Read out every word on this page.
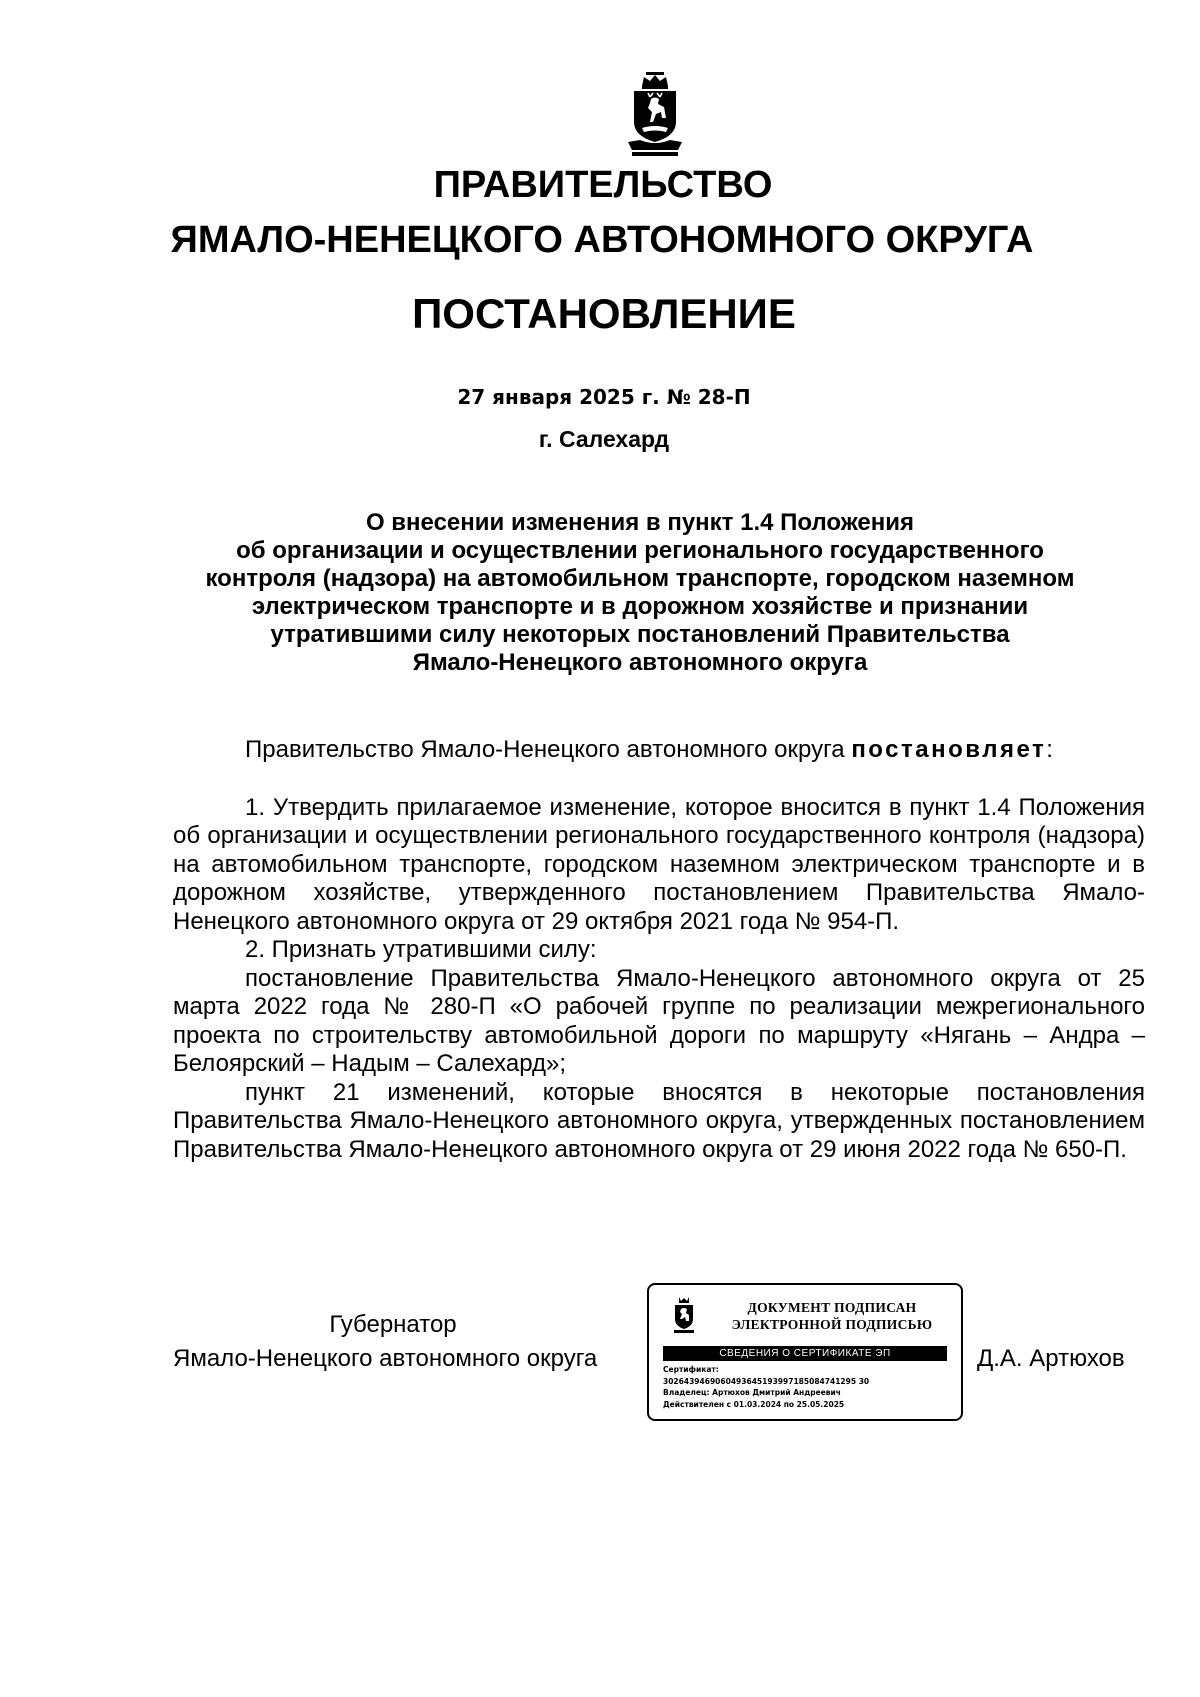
ПРАВИТЕЛЬСТВО
ЯМАЛО-НЕНЕЦКОГО АВТОНОМНОГО ОКРУГА
ПОСТАНОВЛЕНИЕ
27 января 2025 г. № 28-П
г. Салехард
О внесении изменения в пункт 1.4 Положения
об организации и осуществлении регионального государственного
контроля (надзора) на автомобильном транспорте, городском наземном
электрическом транспорте и в дорожном хозяйстве и признании
утратившими силу некоторых постановлений Правительства
Ямало-Ненецкого автономного округа

Правительство Ямало-Ненецкого автономного округа постановляет:

1. Утвердить прилагаемое изменение, которое вносится в пункт 1.4 Положения об организации и осуществлении регионального государственного контроля (надзора) на автомобильном транспорте, городском наземном электрическом транспорте и в дорожном хозяйстве, утвержденного постановлением Правительства Ямало-Ненецкого автономного округа от 29 октября 2021 года № 954-П.

2. Признать утратившими силу:

постановление Правительства Ямало-Ненецкого автономного округа от 25 марта 2022 года № 280-П «О рабочей группе по реализации межрегионального проекта по строительству автомобильной дороги по маршруту «Нягань – Андра – Белоярский – Надым – Салехард»;

пункт 21 изменений, которые вносятся в некоторые постановления Правительства Ямало-Ненецкого автономного округа, утвержденных постановлением Правительства Ямало-Ненецкого автономного округа от 29 июня 2022 года № 650-П.

Губернатор
Ямало-Ненецкого автономного округа
ДОКУМЕНТ ПОДПИСАН
ЭЛЕКТРОННОЙ ПОДПИСЬЮ
СВЕДЕНИЯ О СЕРТИФИКАТЕ ЭП
Сертификат:
3026439469060493645193997185084741295 30
Владелец: Артюхов Дмитрий Андреевич
Действителен с 01.03.2024 по 25.05.2025
Д.А. Артюхов
